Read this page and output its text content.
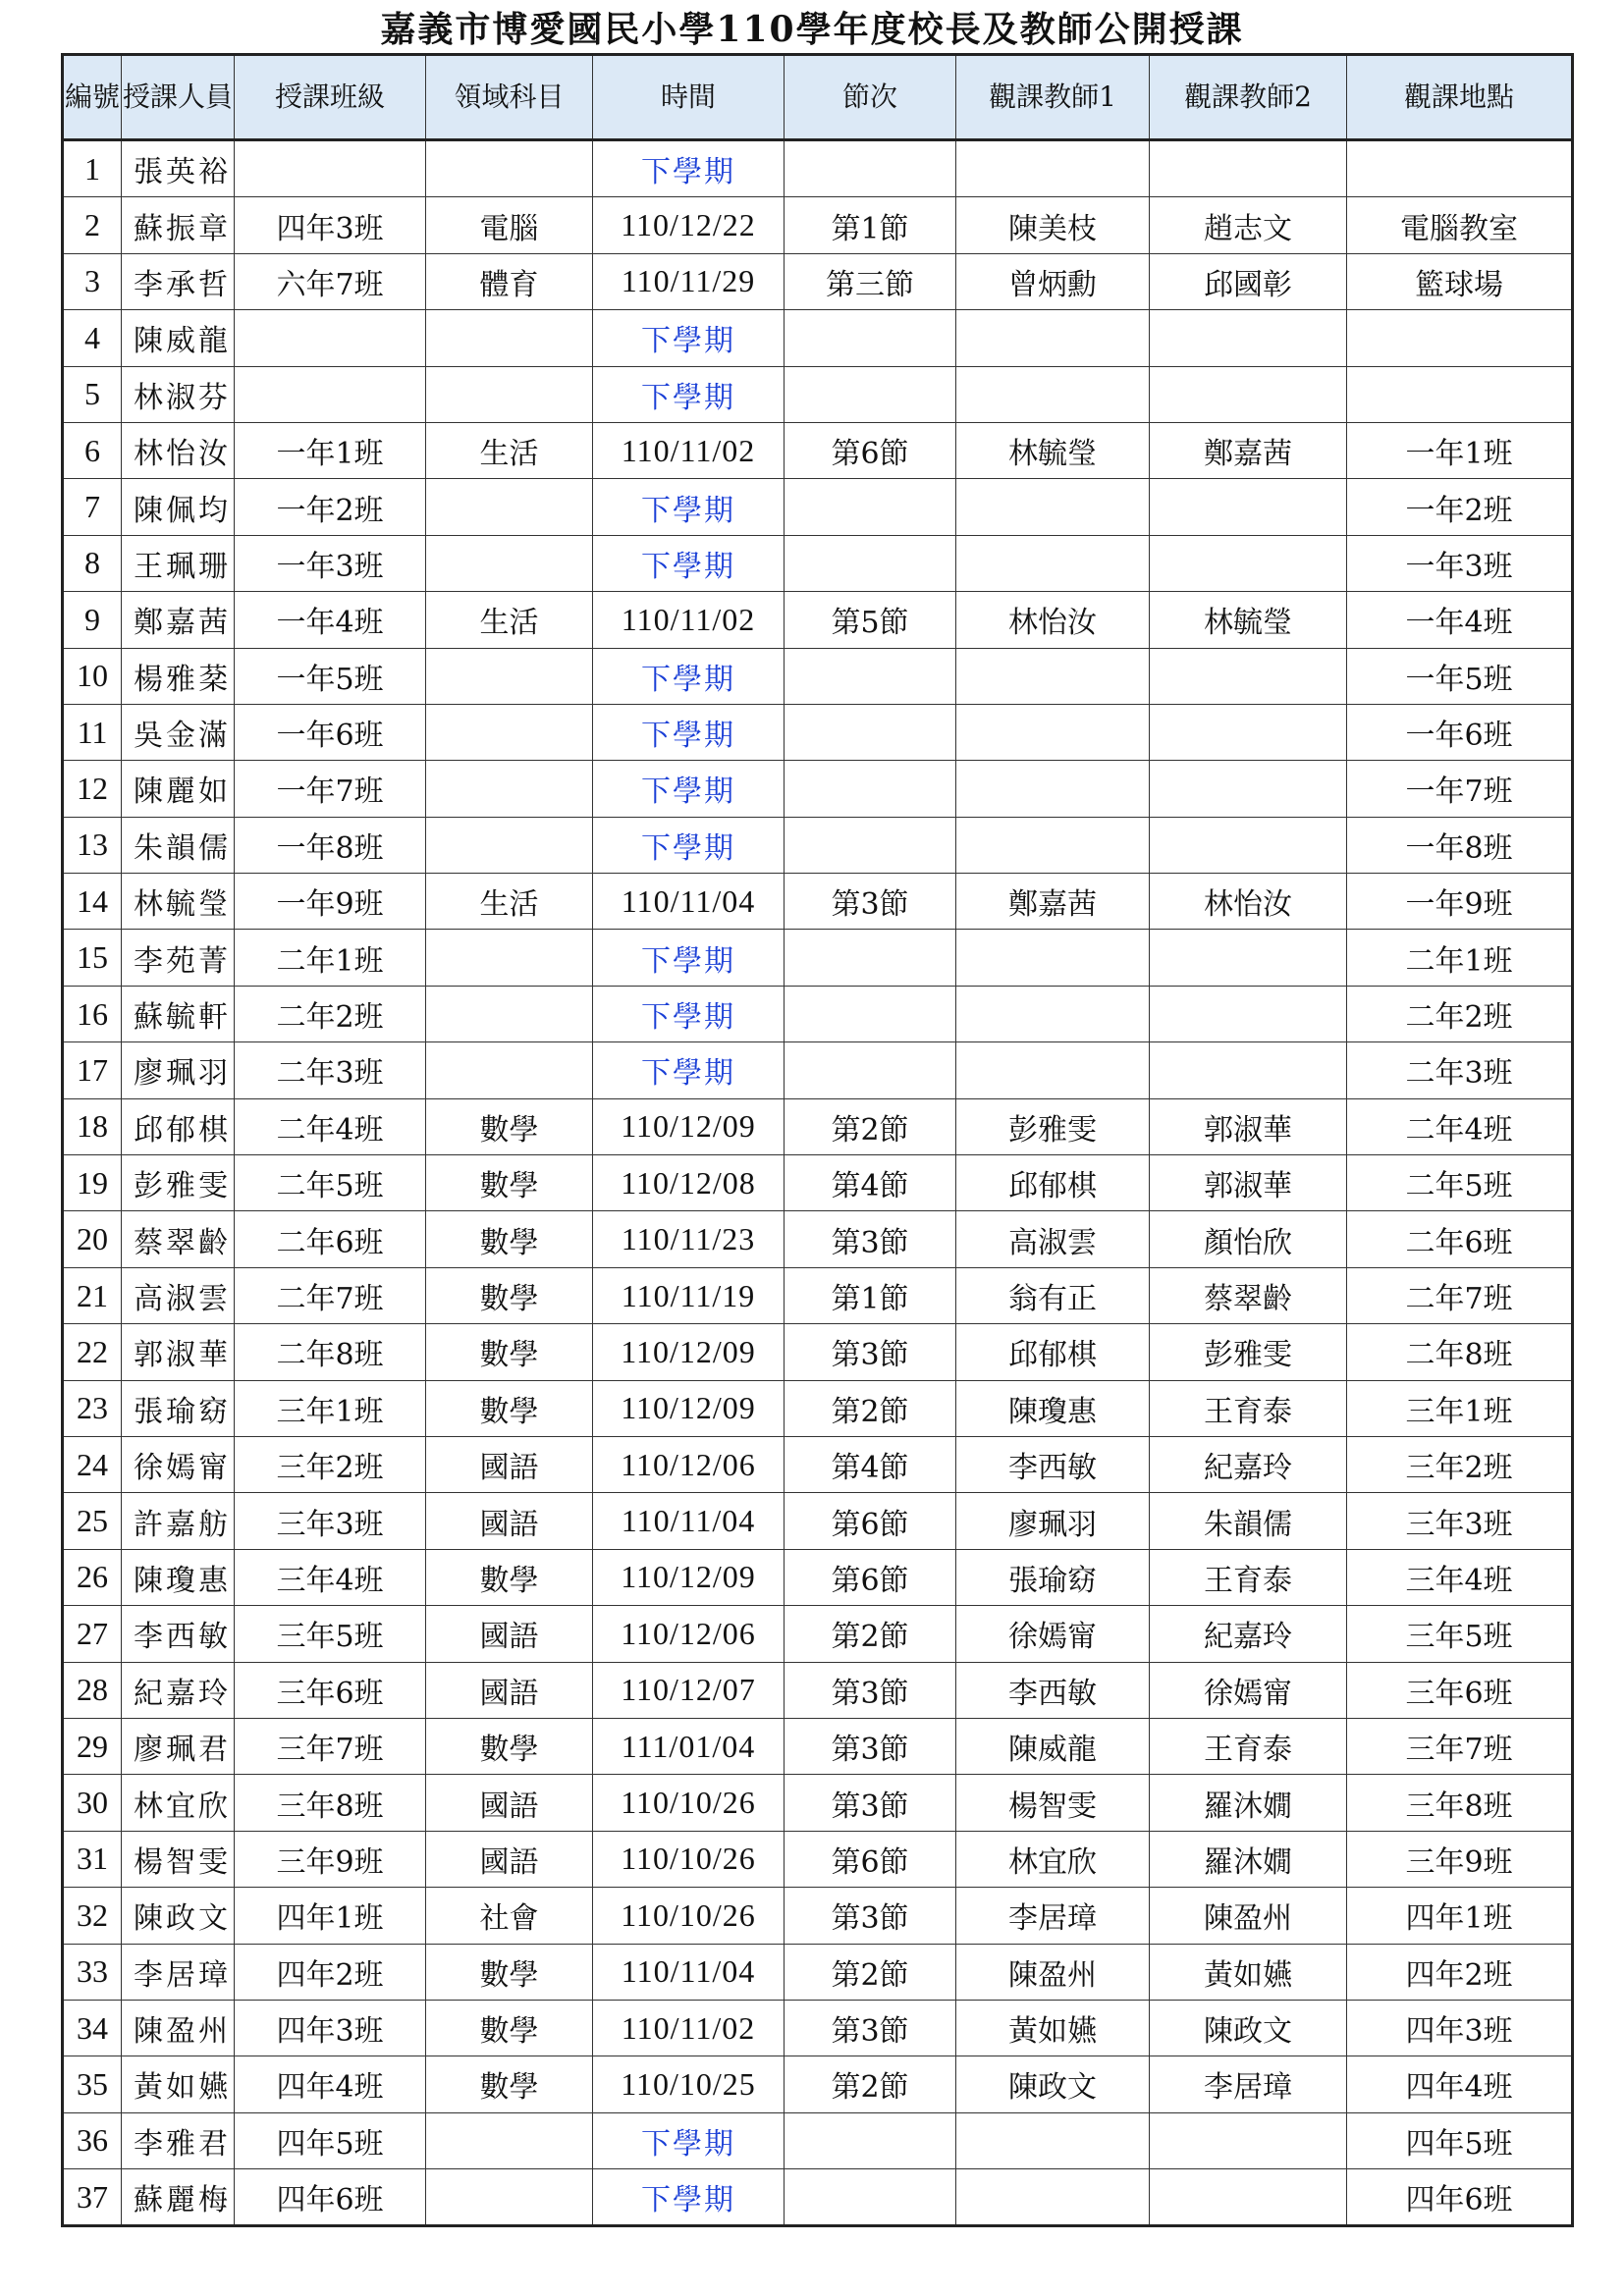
嘉義市博愛國民小學110學年度校長及教師公開授課
編號	授課人員	授課班級	領域科目	時間	節次	觀課教師1	觀課教師2	觀課地點
1	張英裕			下學期				
2	蘇振章	四年3班	電腦	110/12/22	第1節	陳美枝	趙志文	電腦教室
3	李承哲	六年7班	體育	110/11/29	第三節	曾炳勳	邱國彰	籃球場
4	陳威龍			下學期				
5	林淑芬			下學期				
6	林怡汝	一年1班	生活	110/11/02	第6節	林毓瑩	鄭嘉茜	一年1班
7	陳佩均	一年2班		下學期				一年2班
8	王珮珊	一年3班		下學期				一年3班
9	鄭嘉茜	一年4班	生活	110/11/02	第5節	林怡汝	林毓瑩	一年4班
10	楊雅棻	一年5班		下學期				一年5班
11	吳金滿	一年6班		下學期				一年6班
12	陳麗如	一年7班		下學期				一年7班
13	朱韻儒	一年8班		下學期				一年8班
14	林毓瑩	一年9班	生活	110/11/04	第3節	鄭嘉茜	林怡汝	一年9班
15	李苑菁	二年1班		下學期				二年1班
16	蘇毓軒	二年2班		下學期				二年2班
17	廖珮羽	二年3班		下學期				二年3班
18	邱郁棋	二年4班	數學	110/12/09	第2節	彭雅雯	郭淑華	二年4班
19	彭雅雯	二年5班	數學	110/12/08	第4節	邱郁棋	郭淑華	二年5班
20	蔡翠齡	二年6班	數學	110/11/23	第3節	高淑雲	顏怡欣	二年6班
21	高淑雲	二年7班	數學	110/11/19	第1節	翁有正	蔡翠齡	二年7班
22	郭淑華	二年8班	數學	110/12/09	第3節	邱郁棋	彭雅雯	二年8班
23	張瑜窈	三年1班	數學	110/12/09	第2節	陳瓊惠	王育泰	三年1班
24	徐嫣甯	三年2班	國語	110/12/06	第4節	李西敏	紀嘉玲	三年2班
25	許嘉舫	三年3班	國語	110/11/04	第6節	廖珮羽	朱韻儒	三年3班
26	陳瓊惠	三年4班	數學	110/12/09	第6節	張瑜窈	王育泰	三年4班
27	李西敏	三年5班	國語	110/12/06	第2節	徐嫣甯	紀嘉玲	三年5班
28	紀嘉玲	三年6班	國語	110/12/07	第3節	李西敏	徐嫣甯	三年6班
29	廖珮君	三年7班	數學	111/01/04	第3節	陳威龍	王育泰	三年7班
30	林宜欣	三年8班	國語	110/10/26	第3節	楊智雯	羅沐嫺	三年8班
31	楊智雯	三年9班	國語	110/10/26	第6節	林宜欣	羅沐嫺	三年9班
32	陳政文	四年1班	社會	110/10/26	第3節	李居璋	陳盈州	四年1班
33	李居璋	四年2班	數學	110/11/04	第2節	陳盈州	黃如嬿	四年2班
34	陳盈州	四年3班	數學	110/11/02	第3節	黃如嬿	陳政文	四年3班
35	黃如嬿	四年4班	數學	110/10/25	第2節	陳政文	李居璋	四年4班
36	李雅君	四年5班		下學期				四年5班
37	蘇麗梅	四年6班		下學期				四年6班
